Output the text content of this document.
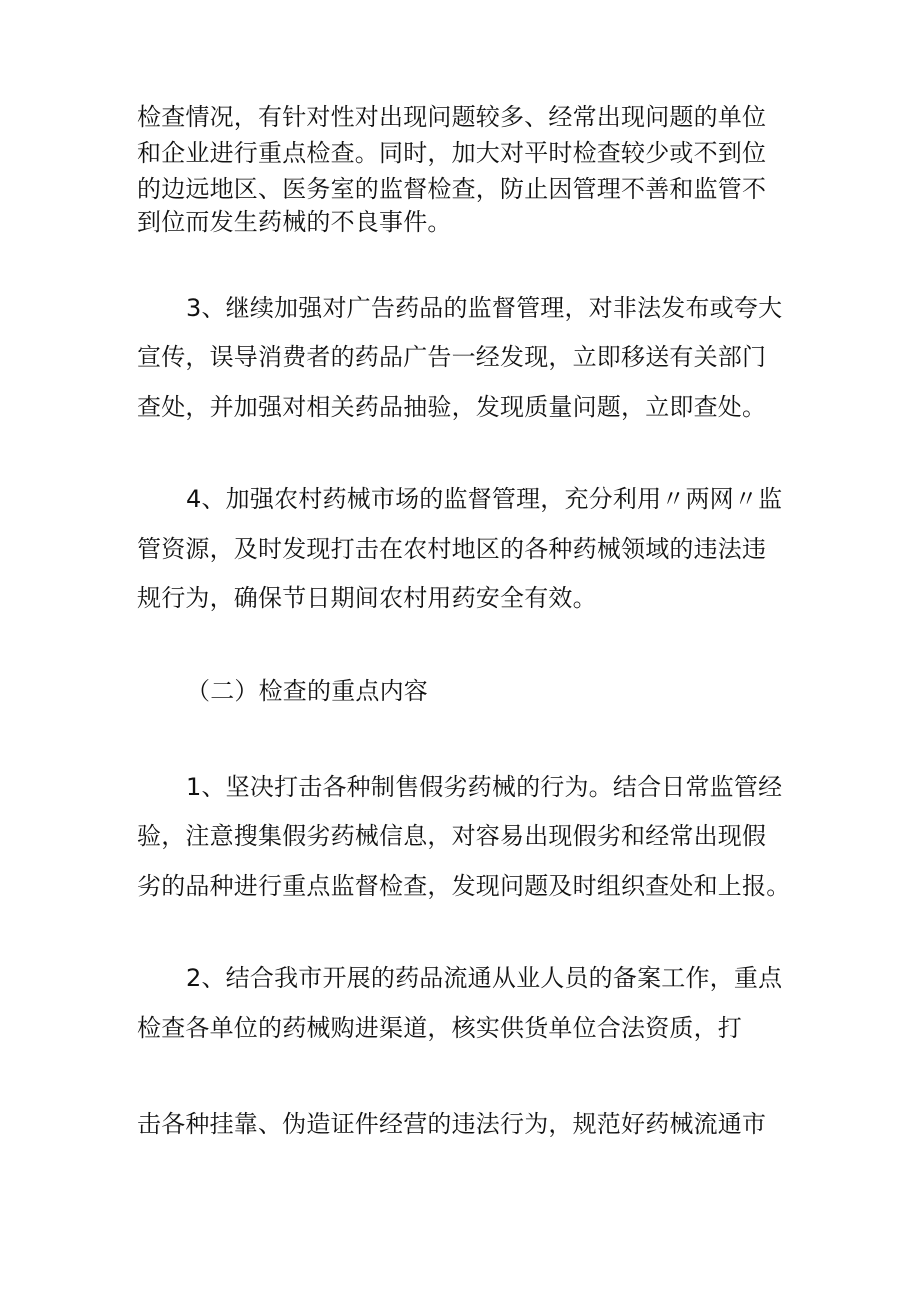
检查情况，有针对性对出现问题较多、经常出现问题的单位
和企业进行重点检查。同时，加大对平时检查较少或不到位
的边远地区、医务室的监督检查，防止因管理不善和监管不
到位而发生药械的不良事件。
3、继续加强对广告药品的监督管理，对非法发布或夸大
宣传，误导消费者的药品广告一经发现，立即移送有关部门
查处，并加强对相关药品抽验，发现质量问题，立即查处。
4、加强农村药械市场的监督管理，充分利用〃两网〃监
管资源，及时发现打击在农村地区的各种药械领域的违法违
规行为，确保节日期间农村用药安全有效。
（二）检查的重点内容
1、坚决打击各种制售假劣药械的行为。结合日常监管经
验，注意搜集假劣药械信息，对容易出现假劣和经常出现假
劣的品种进行重点监督检查，发现问题及时组织查处和上报。
2、结合我市开展的药品流通从业人员的备案工作，重点
检查各单位的药械购进渠道，核实供货单位合法资质，打
击各种挂靠、伪造证件经营的违法行为，规范好药械流通市
